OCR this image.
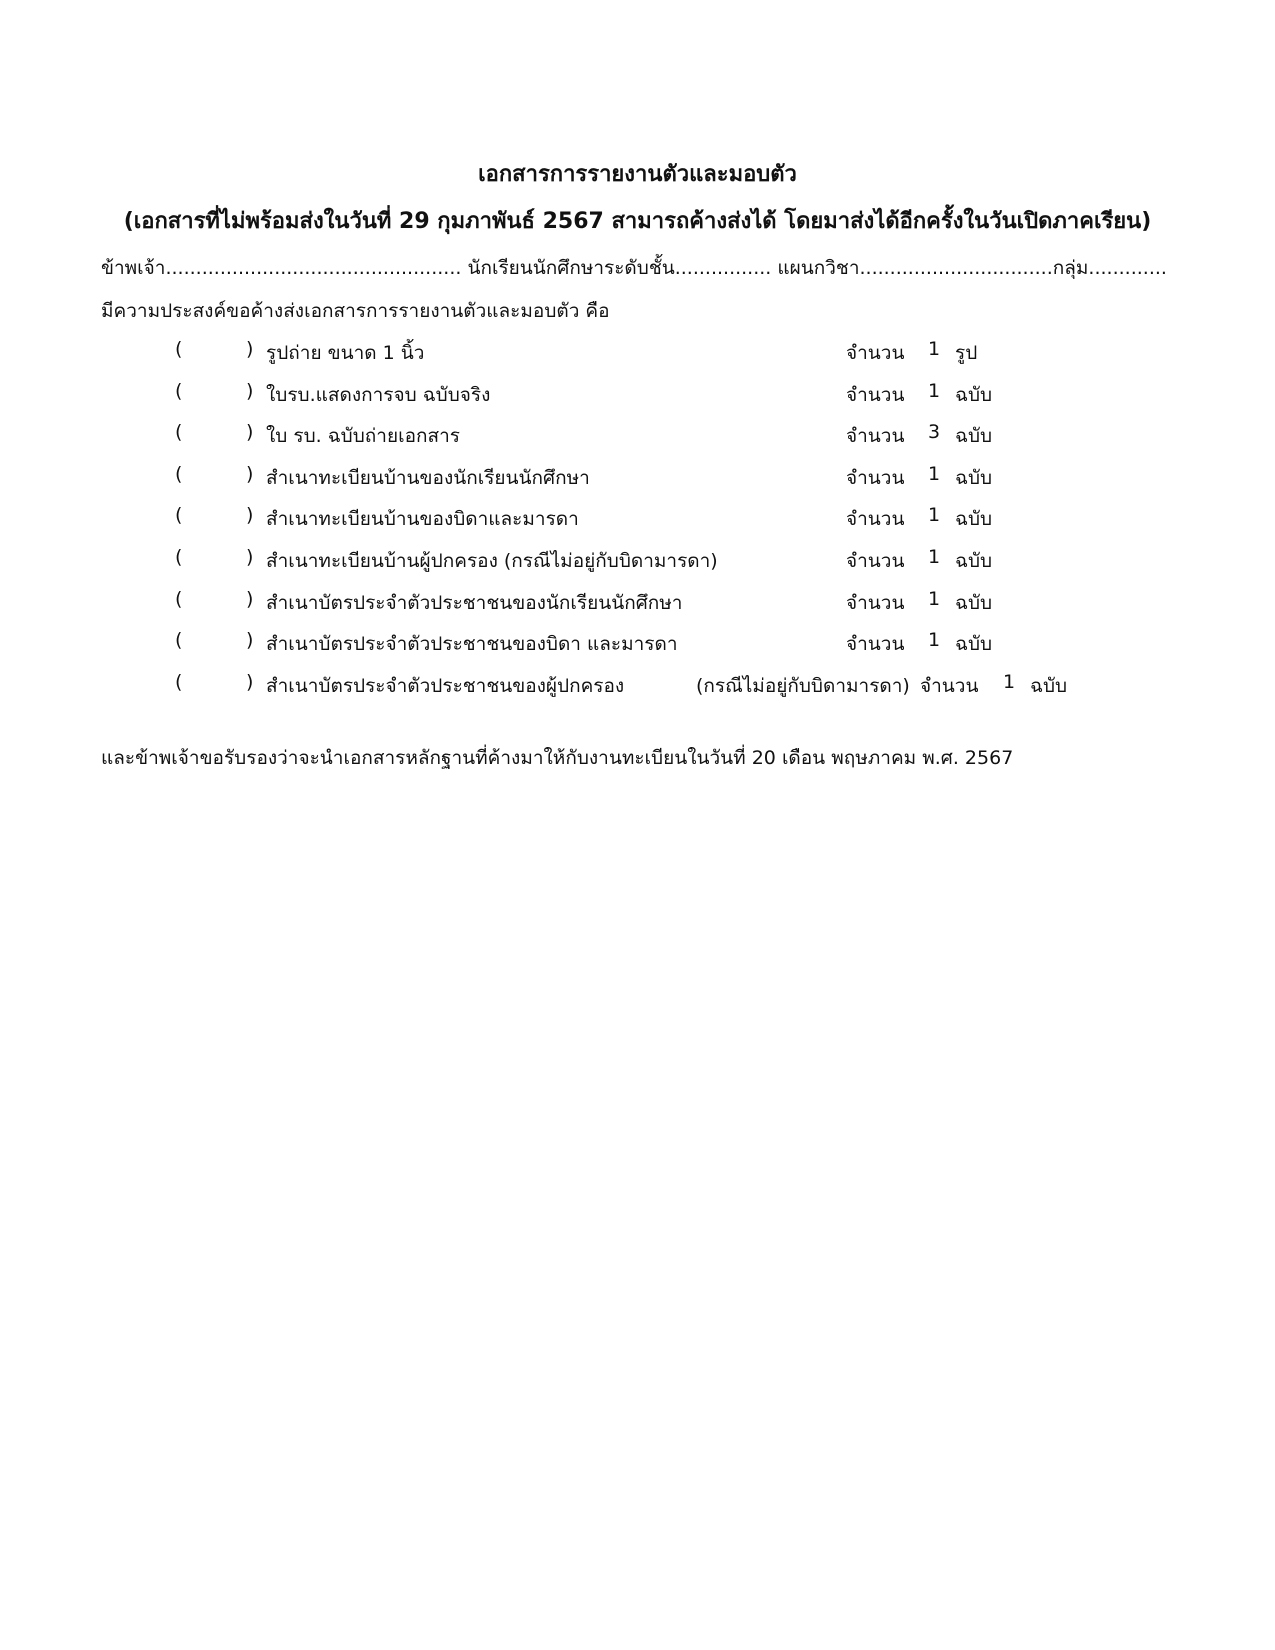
เอกสารการรายงานตัวและมอบตัว
(เอกสารที่ไม่พร้อมส่งในวันที่ 29 กุมภาพันธ์ 2567 สามารถค้างส่งได้ โดยมาส่งได้อีกครั้งในวันเปิดภาคเรียน)
ข้าพเจ้า................................................. นักเรียนนักศึกษาระดับชั้น................ แผนกวิชา................................กลุ่ม.............
มีความประสงค์ขอค้างส่งเอกสารการรายงานตัวและมอบตัว คือ
(	) รูปถ่าย ขนาด 1 นิ้ว	จำนวน 1 รูป
(	) ใบรบ.แสดงการจบ ฉบับจริง	จำนวน 1 ฉบับ
(	) ใบ รบ. ฉบับถ่ายเอกสาร	จำนวน 3 ฉบับ
(	) สำเนาทะเบียนบ้านของนักเรียนนักศึกษา	จำนวน 1 ฉบับ
(	) สำเนาทะเบียนบ้านของบิดาและมารดา	จำนวน 1 ฉบับ
(	) สำเนาทะเบียนบ้านผู้ปกครอง (กรณีไม่อยู่กับบิดามารดา)	จำนวน 1 ฉบับ
(	) สำเนาบัตรประจำตัวประชาชนของนักเรียนนักศึกษา	จำนวน 1 ฉบับ
(	) สำเนาบัตรประจำตัวประชาชนของบิดา และมารดา	จำนวน 1 ฉบับ
(	) สำเนาบัตรประจำตัวประชาชนของผู้ปกครอง	(กรณีไม่อยู่กับบิดามารดา) จำนวน 1 ฉบับ
และข้าพเจ้าขอรับรองว่าจะนำเอกสารหลักฐานที่ค้างมาให้กับงานทะเบียนในวันที่ 20 เดือน พฤษภาคม พ.ศ. 2567
